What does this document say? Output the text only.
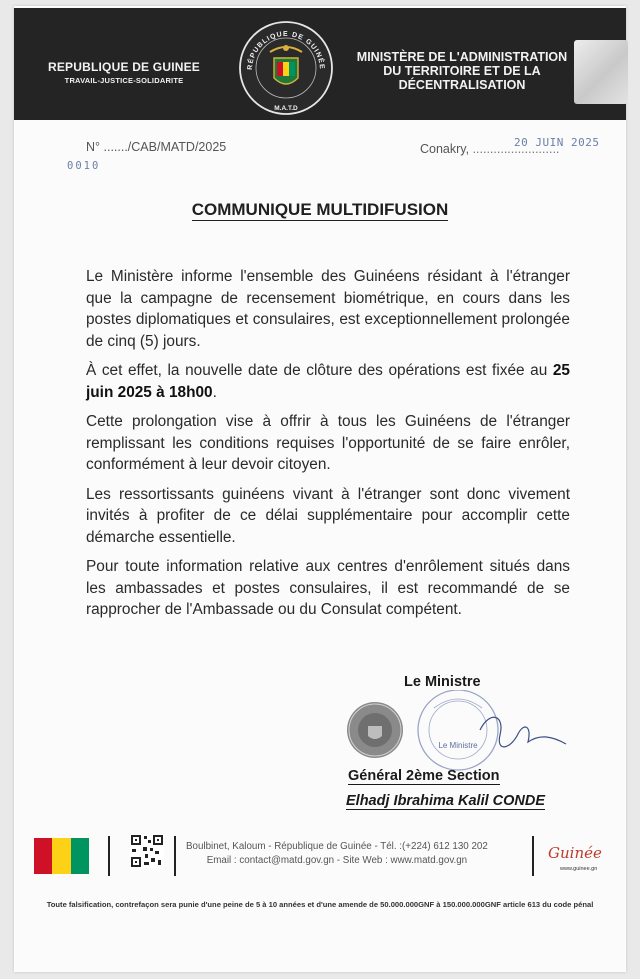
REPUBLIQUE DE GUINEE
TRAVAIL-JUSTICE-SOLIDARITE
RÉPUBLIQUE DE GUINÉE
M.A.T.D
MINISTÈRE DE L'ADMINISTRATION
DU TERRITOIRE ET DE LA
DÉCENTRALISATION
N° ......./CAB/MATD/2025
0010
Conakry, .........................
20 JUIN 2025
COMMUNIQUE MULTIDIFUSION

Le Ministère informe l'ensemble des Guinéens résidant à l'étranger que la campagne de recensement biométrique, en cours dans les postes diplomatiques et consulaires, est exceptionnellement prolongée de cinq (5) jours.

À cet effet, la nouvelle date de clôture des opérations est fixée au 25 juin 2025 à 18h00.

Cette prolongation vise à offrir à tous les Guinéens de l'étranger remplissant les conditions requises l'opportunité de se faire enrôler, conformément à leur devoir citoyen.

Les ressortissants guinéens vivant à l'étranger sont donc vivement invités à profiter de ce délai supplémentaire pour accomplir cette démarche essentielle.

Pour toute information relative aux centres d'enrôlement situés dans les ambassades et postes consulaires, il est recommandé de se rapprocher de l'Ambassade ou du Consulat compétent.

Le Ministre
Le Ministre
Général 2ème Section
Elhadj Ibrahima Kalil CONDE
Boulbinet, Kaloum - République de Guinée - Tél. :(+224) 612 130 202
Email : contact@matd.gov.gn - Site Web : www.matd.gov.gn	Guinée
www.guinee.gn
Toute falsification, contrefaçon sera punie d'une peine de 5 à 10 années et d'une amende de 50.000.000GNF à 150.000.000GNF article 613 du code pénal
